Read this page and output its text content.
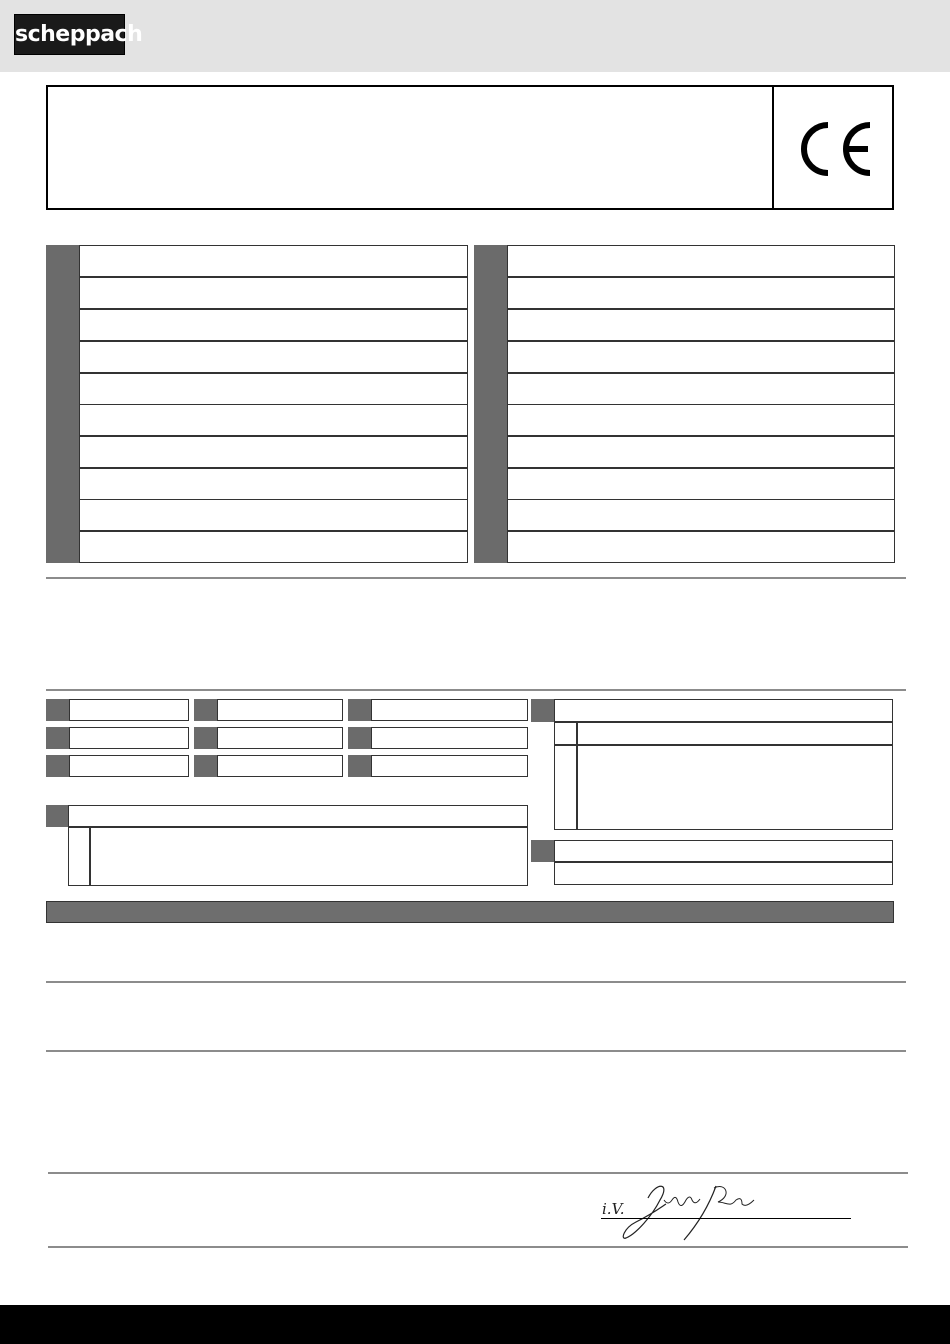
scheppach
i.V.
